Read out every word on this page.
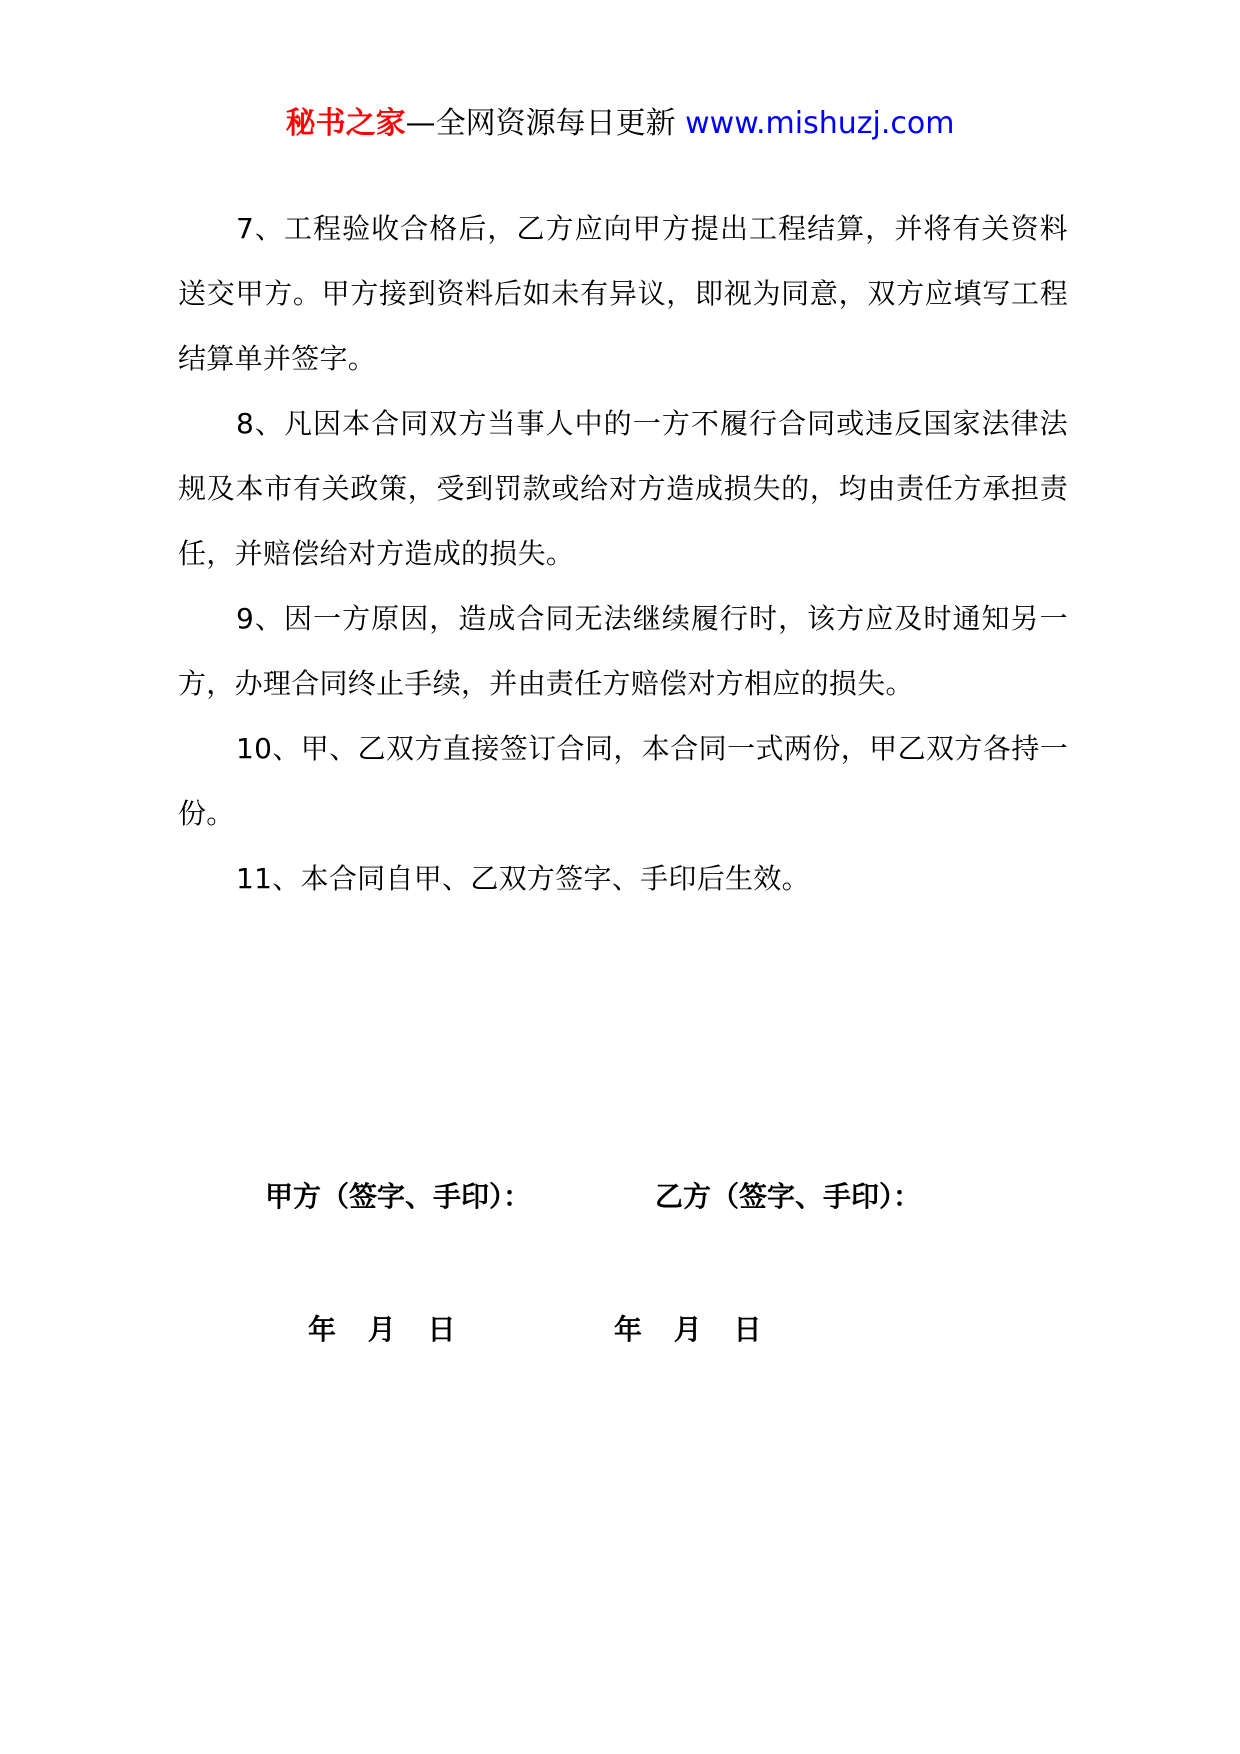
秘书之家—全网资源每日更新 www.mishuzj.com

7、工程验收合格后，乙方应向甲方提出工程结算，并将有关资料送交甲方。甲方接到资料后如未有异议，即视为同意，双方应填写工程结算单并签字。

8、凡因本合同双方当事人中的一方不履行合同或违反国家法律法规及本市有关政策，受到罚款或给对方造成损失的，均由责任方承担责任，并赔偿给对方造成的损失。

9、因一方原因，造成合同无法继续履行时，该方应及时通知另一方，办理合同终止手续，并由责任方赔偿对方相应的损失。

10、甲、乙双方直接签订合同，本合同一式两份，甲乙双方各持一份。

11、本合同自甲、乙双方签字、手印后生效。

甲方（签字、手印）：	乙方（签字、手印）：
年 月 日	年 月 日
